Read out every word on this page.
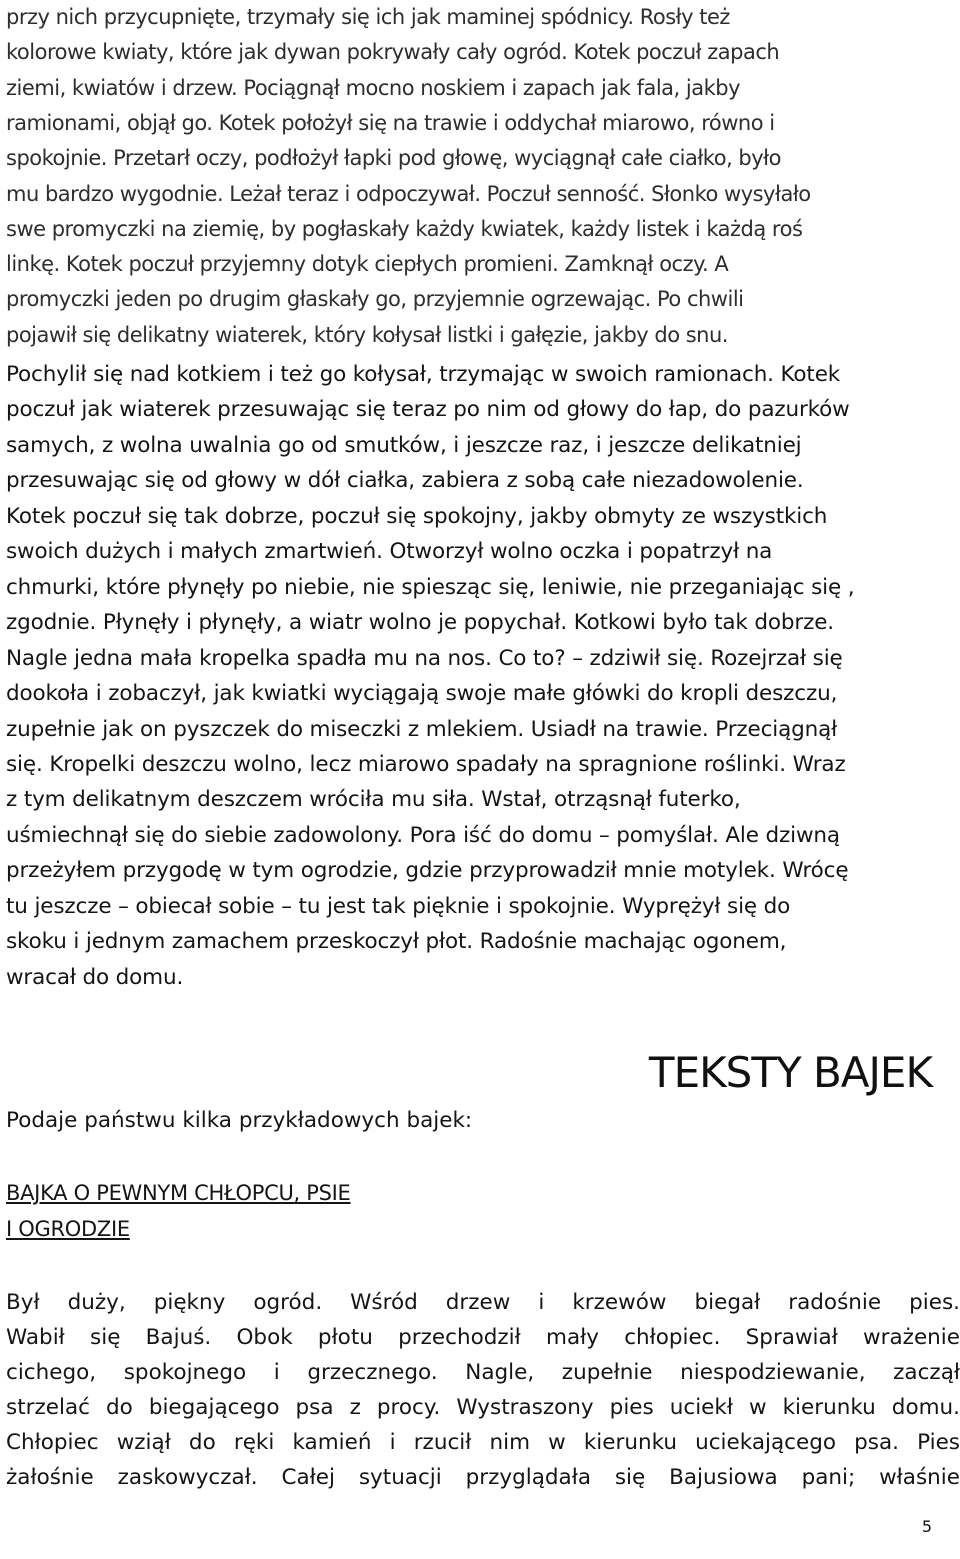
przy nich przycupnięte, trzymały się ich jak maminej spódnicy. Rosły też
kolorowe kwiaty, które jak dywan pokrywały cały ogród. Kotek poczuł zapach
ziemi, kwiatów i drzew. Pociągnął mocno noskiem i zapach jak fala, jakby
ramionami, objął go. Kotek położył się na trawie i oddychał miarowo, równo i
spokojnie. Przetarł oczy, podłożył łapki pod głowę, wyciągnął całe ciałko, było
mu bardzo wygodnie. Leżał teraz i odpoczywał. Poczuł senność. Słonko wysyłało
swe promyczki na ziemię, by pogłaskały każdy kwiatek, każdy listek i każdą roś
linkę. Kotek poczuł przyjemny dotyk ciepłych promieni. Zamknął oczy. A
promyczki jeden po drugim głaskały go, przyjemnie ogrzewając. Po chwili
pojawił się delikatny wiaterek, który kołysał listki i gałęzie, jakby do snu.
Pochylił się nad kotkiem i też go kołysał, trzymając w swoich ramionach. Kotek
poczuł jak wiaterek przesuwając się teraz po nim od głowy do łap, do pazurków
samych, z wolna uwalnia go od smutków, i jeszcze raz, i jeszcze delikatniej
przesuwając się od głowy w dół ciałka, zabiera z sobą całe niezadowolenie.
Kotek poczuł się tak dobrze, poczuł się spokojny, jakby obmyty ze wszystkich
swoich dużych i małych zmartwień. Otworzył wolno oczka i popatrzył na
chmurki, które płynęły po niebie, nie spiesząc się, leniwie, nie przeganiając się ,
zgodnie. Płynęły i płynęły, a wiatr wolno je popychał. Kotkowi było tak dobrze.
Nagle jedna mała kropelka spadła mu na nos. Co to? – zdziwił się. Rozejrzał się
dookoła i zobaczył, jak kwiatki wyciągają swoje małe główki do kropli deszczu,
zupełnie jak on pyszczek do miseczki z mlekiem. Usiadł na trawie. Przeciągnął
się. Kropelki deszczu wolno, lecz miarowo spadały na spragnione roślinki. Wraz
z tym delikatnym deszczem wróciła mu siła. Wstał, otrząsnął futerko,
uśmiechnął się do siebie zadowolony. Pora iść do domu – pomyślał. Ale dziwną
przeżyłem przygodę w tym ogrodzie, gdzie przyprowadził mnie motylek. Wrócę
tu jeszcze – obiecał sobie – tu jest tak pięknie i spokojnie. Wyprężył się do
skoku i jednym zamachem przeskoczył płot. Radośnie machając ogonem,
wracał do domu.
TEKSTY BAJEK
Podaje państwu kilka przykładowych bajek:
BAJKA O PEWNYM CHŁOPCU, PSIE
I OGRODZIE
Był duży, piękny ogród. Wśród drzew i krzewów biegał radośnie pies.
Wabił się Bajuś. Obok płotu przechodził mały chłopiec. Sprawiał wrażenie
cichego, spokojnego i grzecznego. Nagle, zupełnie niespodziewanie, zaczął
strzelać do biegającego psa z procy. Wystraszony pies uciekł w kierunku domu.
Chłopiec wziął do ręki kamień i rzucił nim w kierunku uciekającego psa. Pies
żałośnie zaskowyczał. Całej sytuacji przyglądała się Bajusiowa pani; właśnie
5
